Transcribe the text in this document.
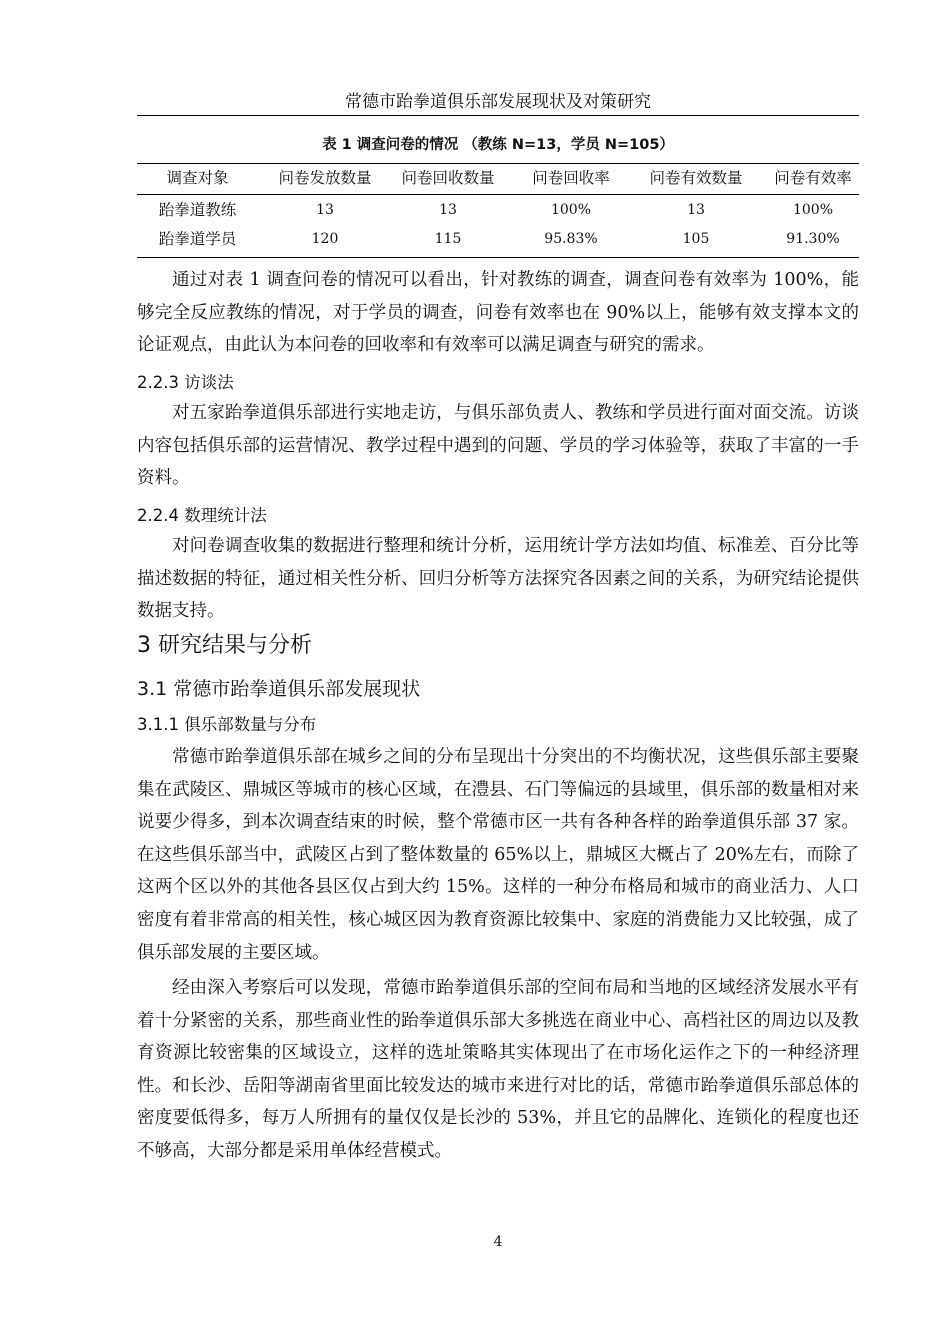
常德市跆拳道俱乐部发展现状及对策研究
表 1 调查问卷的情况 （教练 N=13，学员 N=105）
调查对象	问卷发放数量	问卷回收数量	问卷回收率	问卷有效数量	问卷有效率
跆拳道教练	13	13	100%	13	100%
跆拳道学员	120	115	95.83%	105	91.30%

通过对表 1 调查问卷的情况可以看出，针对教练的调查，调查问卷有效率为 100%，能够完全反应教练的情况，对于学员的调查，问卷有效率也在 90%以上，能够有效支撑本文的论证观点，由此认为本问卷的回收率和有效率可以满足调查与研究的需求。

2.2.3 访谈法

对五家跆拳道俱乐部进行实地走访，与俱乐部负责人、教练和学员进行面对面交流。访谈内容包括俱乐部的运营情况、教学过程中遇到的问题、学员的学习体验等，获取了丰富的一手资料。

2.2.4 数理统计法

对问卷调查收集的数据进行整理和统计分析，运用统计学方法如均值、标准差、百分比等描述数据的特征，通过相关性分析、回归分析等方法探究各因素之间的关系，为研究结论提供数据支持。

3 研究结果与分析
3.1 常德市跆拳道俱乐部发展现状
3.1.1 俱乐部数量与分布

常德市跆拳道俱乐部在城乡之间的分布呈现出十分突出的不均衡状况，这些俱乐部主要聚集在武陵区、鼎城区等城市的核心区域，在澧县、石门等偏远的县域里，俱乐部的数量相对来说要少得多，到本次调查结束的时候，整个常德市区一共有各种各样的跆拳道俱乐部 37 家。在这些俱乐部当中，武陵区占到了整体数量的 65%以上，鼎城区大概占了 20%左右，而除了这两个区以外的其他各县区仅占到大约 15%。这样的一种分布格局和城市的商业活力、人口密度有着非常高的相关性，核心城区因为教育资源比较集中、家庭的消费能力又比较强，成了俱乐部发展的主要区域。

经由深入考察后可以发现，常德市跆拳道俱乐部的空间布局和当地的区域经济发展水平有着十分紧密的关系，那些商业性的跆拳道俱乐部大多挑选在商业中心、高档社区的周边以及教育资源比较密集的区域设立，这样的选址策略其实体现出了在市场化运作之下的一种经济理性。和长沙、岳阳等湖南省里面比较发达的城市来进行对比的话，常德市跆拳道俱乐部总体的密度要低得多，每万人所拥有的量仅仅是长沙的 53%，并且它的品牌化、连锁化的程度也还不够高，大部分都是采用单体经营模式。

4
